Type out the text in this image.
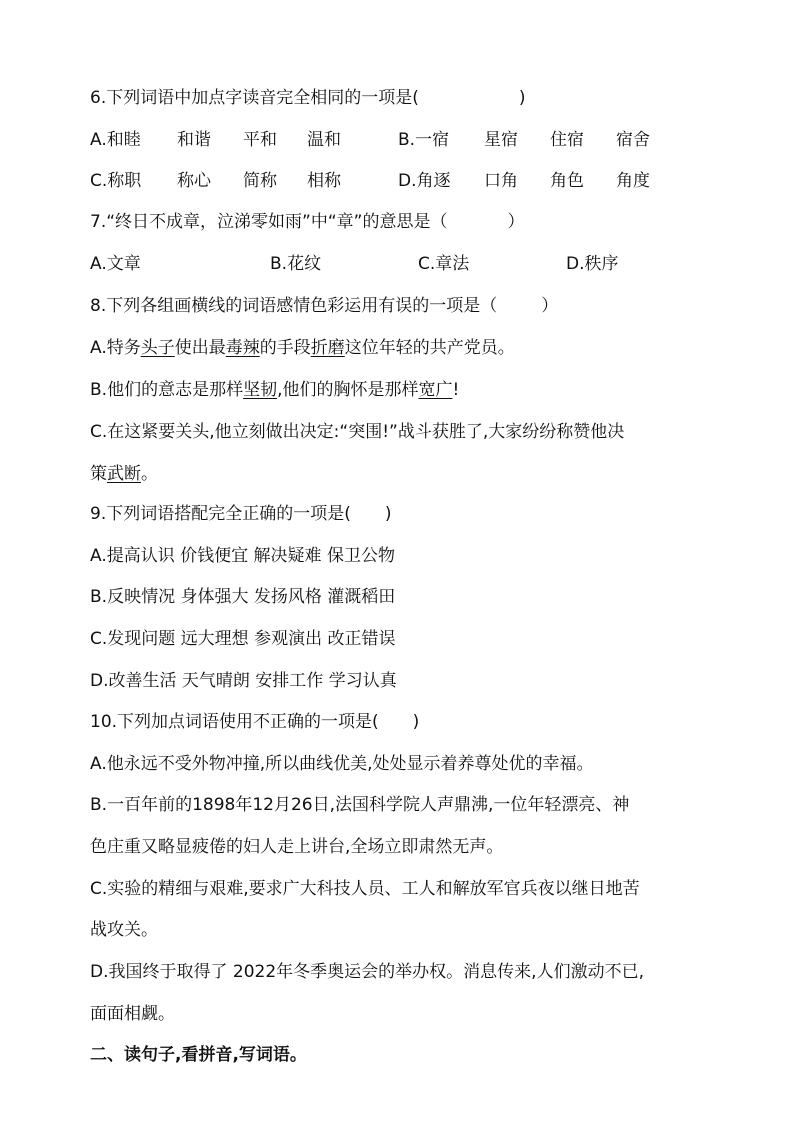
6.下列词语中加点字读音完全相同的一项是(	)
A.和睦 和谐 平和 温和	B.一宿 星宿 住宿 宿舍
C.称职 称心 简称 相称	D.角逐 口角 角色 角度
7.“终日不成章，泣涕零如雨”中“章”的意思是（	）
A.文章	B.花纹	C.章法	D.秩序
8.下列各组画横线的词语感情色彩运用有误的一项是（	）
A.特务头子使出最毒辣的手段折磨这位年轻的共产党员。
B.他们的意志是那样坚韧,他们的胸怀是那样宽广!
C.在这紧要关头,他立刻做出决定:“突围!”战斗获胜了,大家纷纷称赞他决
策武断。
9.下列词语搭配完全正确的一项是( )
A.提高认识 价钱便宜 解决疑难 保卫公物
B.反映情况 身体强大 发扬风格 灌溉稻田
C.发现问题 远大理想 参观演出 改正错误
D.改善生活 天气晴朗 安排工作 学习认真
10.下列加点词语使用不正确的一项是( )
A.他永远不受外物冲撞,所以曲线优美,处处显示着养尊处优的幸福。
B.一百年前的1898年12月26日,法国科学院人声鼎沸,一位年轻漂亮、神
色庄重又略显疲倦的妇人走上讲台,全场立即肃然无声。
C.实验的精细与艰难,要求广大科技人员、工人和解放军官兵夜以继日地苦
战攻关。
D.我国终于取得了 2022年冬季奥运会的举办权。消息传来,人们激动不已,
面面相觑。
二、读句子,看拼音,写词语。
